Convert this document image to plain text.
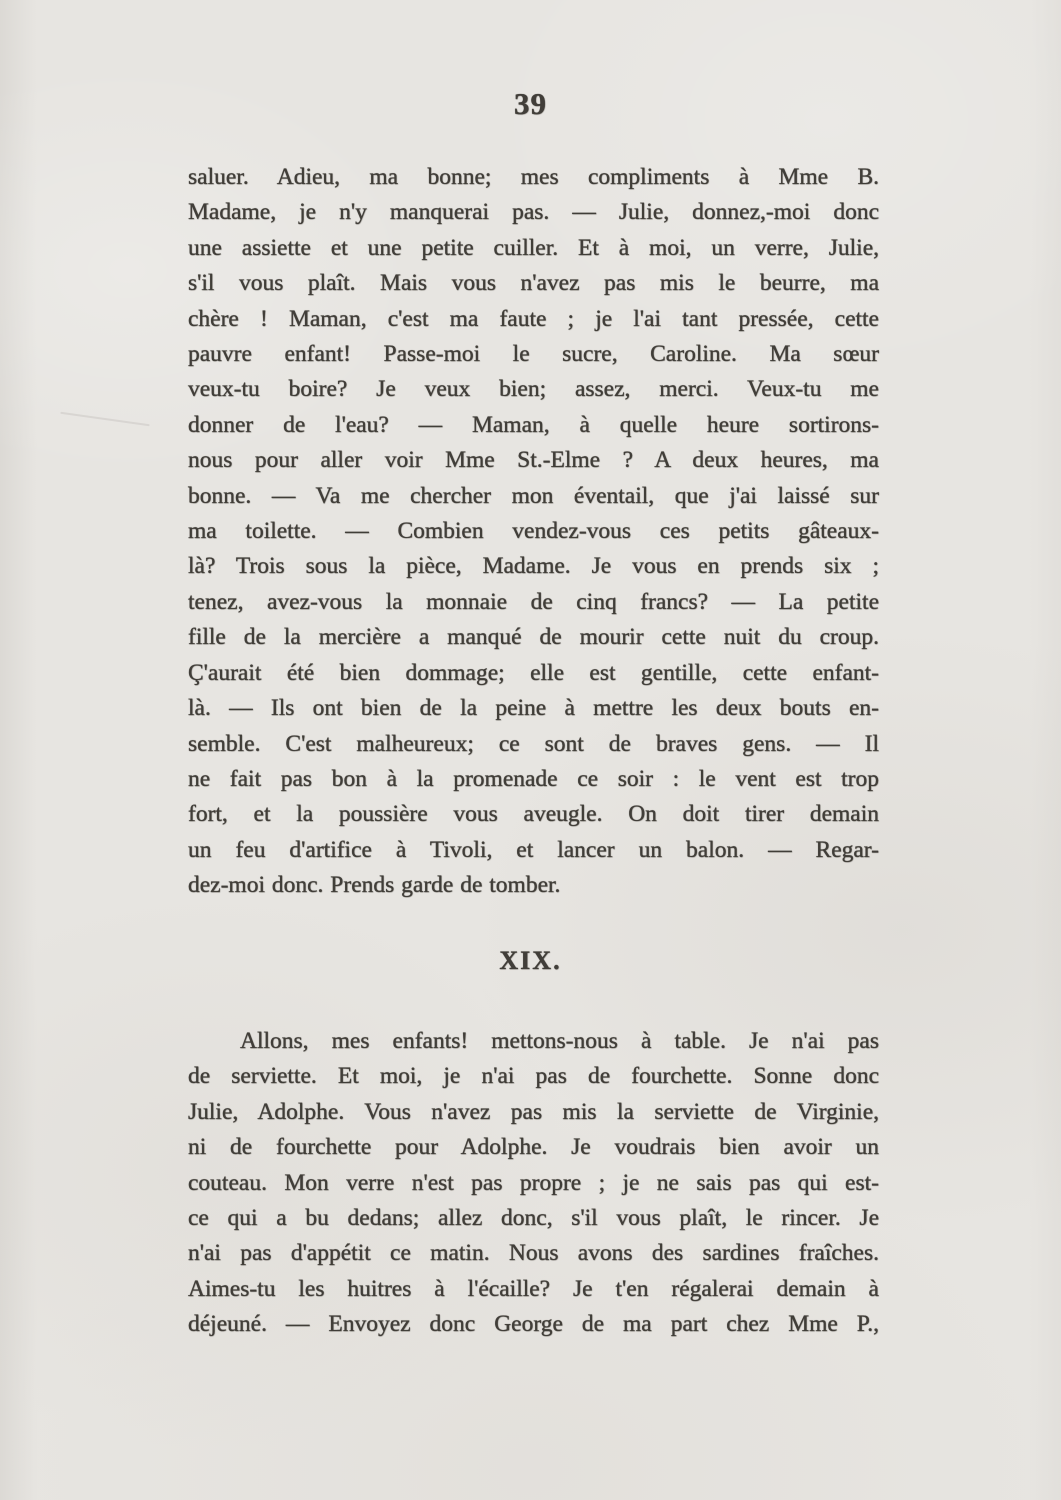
39
saluer. Adieu, ma bonne; mes compliments à Mme B.
Madame, je n'y manquerai pas. — Julie, donnez,-moi donc
une assiette et une petite cuiller. Et à moi, un verre, Julie,
s'il vous plaît. Mais vous n'avez pas mis le beurre, ma
chère ! Maman, c'est ma faute ; je l'ai tant pressée, cette
pauvre enfant! Passe-moi le sucre, Caroline. Ma sœur
veux-tu boire? Je veux bien; assez, merci. Veux-tu me
donner de l'eau? — Maman, à quelle heure sortirons-
nous pour aller voir Mme St.-Elme ? A deux heures, ma
bonne. — Va me chercher mon éventail, que j'ai laissé sur
ma toilette. — Combien vendez-vous ces petits gâteaux-
là? Trois sous la pièce, Madame. Je vous en prends six ;
tenez, avez-vous la monnaie de cinq francs? — La petite
fille de la mercière a manqué de mourir cette nuit du croup.
Ç'aurait été bien dommage; elle est gentille, cette enfant-
là. — Ils ont bien de la peine à mettre les deux bouts en-
semble. C'est malheureux; ce sont de braves gens. — Il
ne fait pas bon à la promenade ce soir : le vent est trop
fort, et la poussière vous aveugle. On doit tirer demain
un feu d'artifice à Tivoli, et lancer un balon. — Regar-
dez-moi donc. Prends garde de tomber.
XIX.
Allons, mes enfants! mettons-nous à table. Je n'ai pas
de serviette. Et moi, je n'ai pas de fourchette. Sonne donc
Julie, Adolphe. Vous n'avez pas mis la serviette de Virginie,
ni de fourchette pour Adolphe. Je voudrais bien avoir un
couteau. Mon verre n'est pas propre ; je ne sais pas qui est-
ce qui a bu dedans; allez donc, s'il vous plaît, le rincer. Je
n'ai pas d'appétit ce matin. Nous avons des sardines fraîches.
Aimes-tu les huitres à l'écaille? Je t'en régalerai demain à
déjeuné. — Envoyez donc George de ma part chez Mme P.,
